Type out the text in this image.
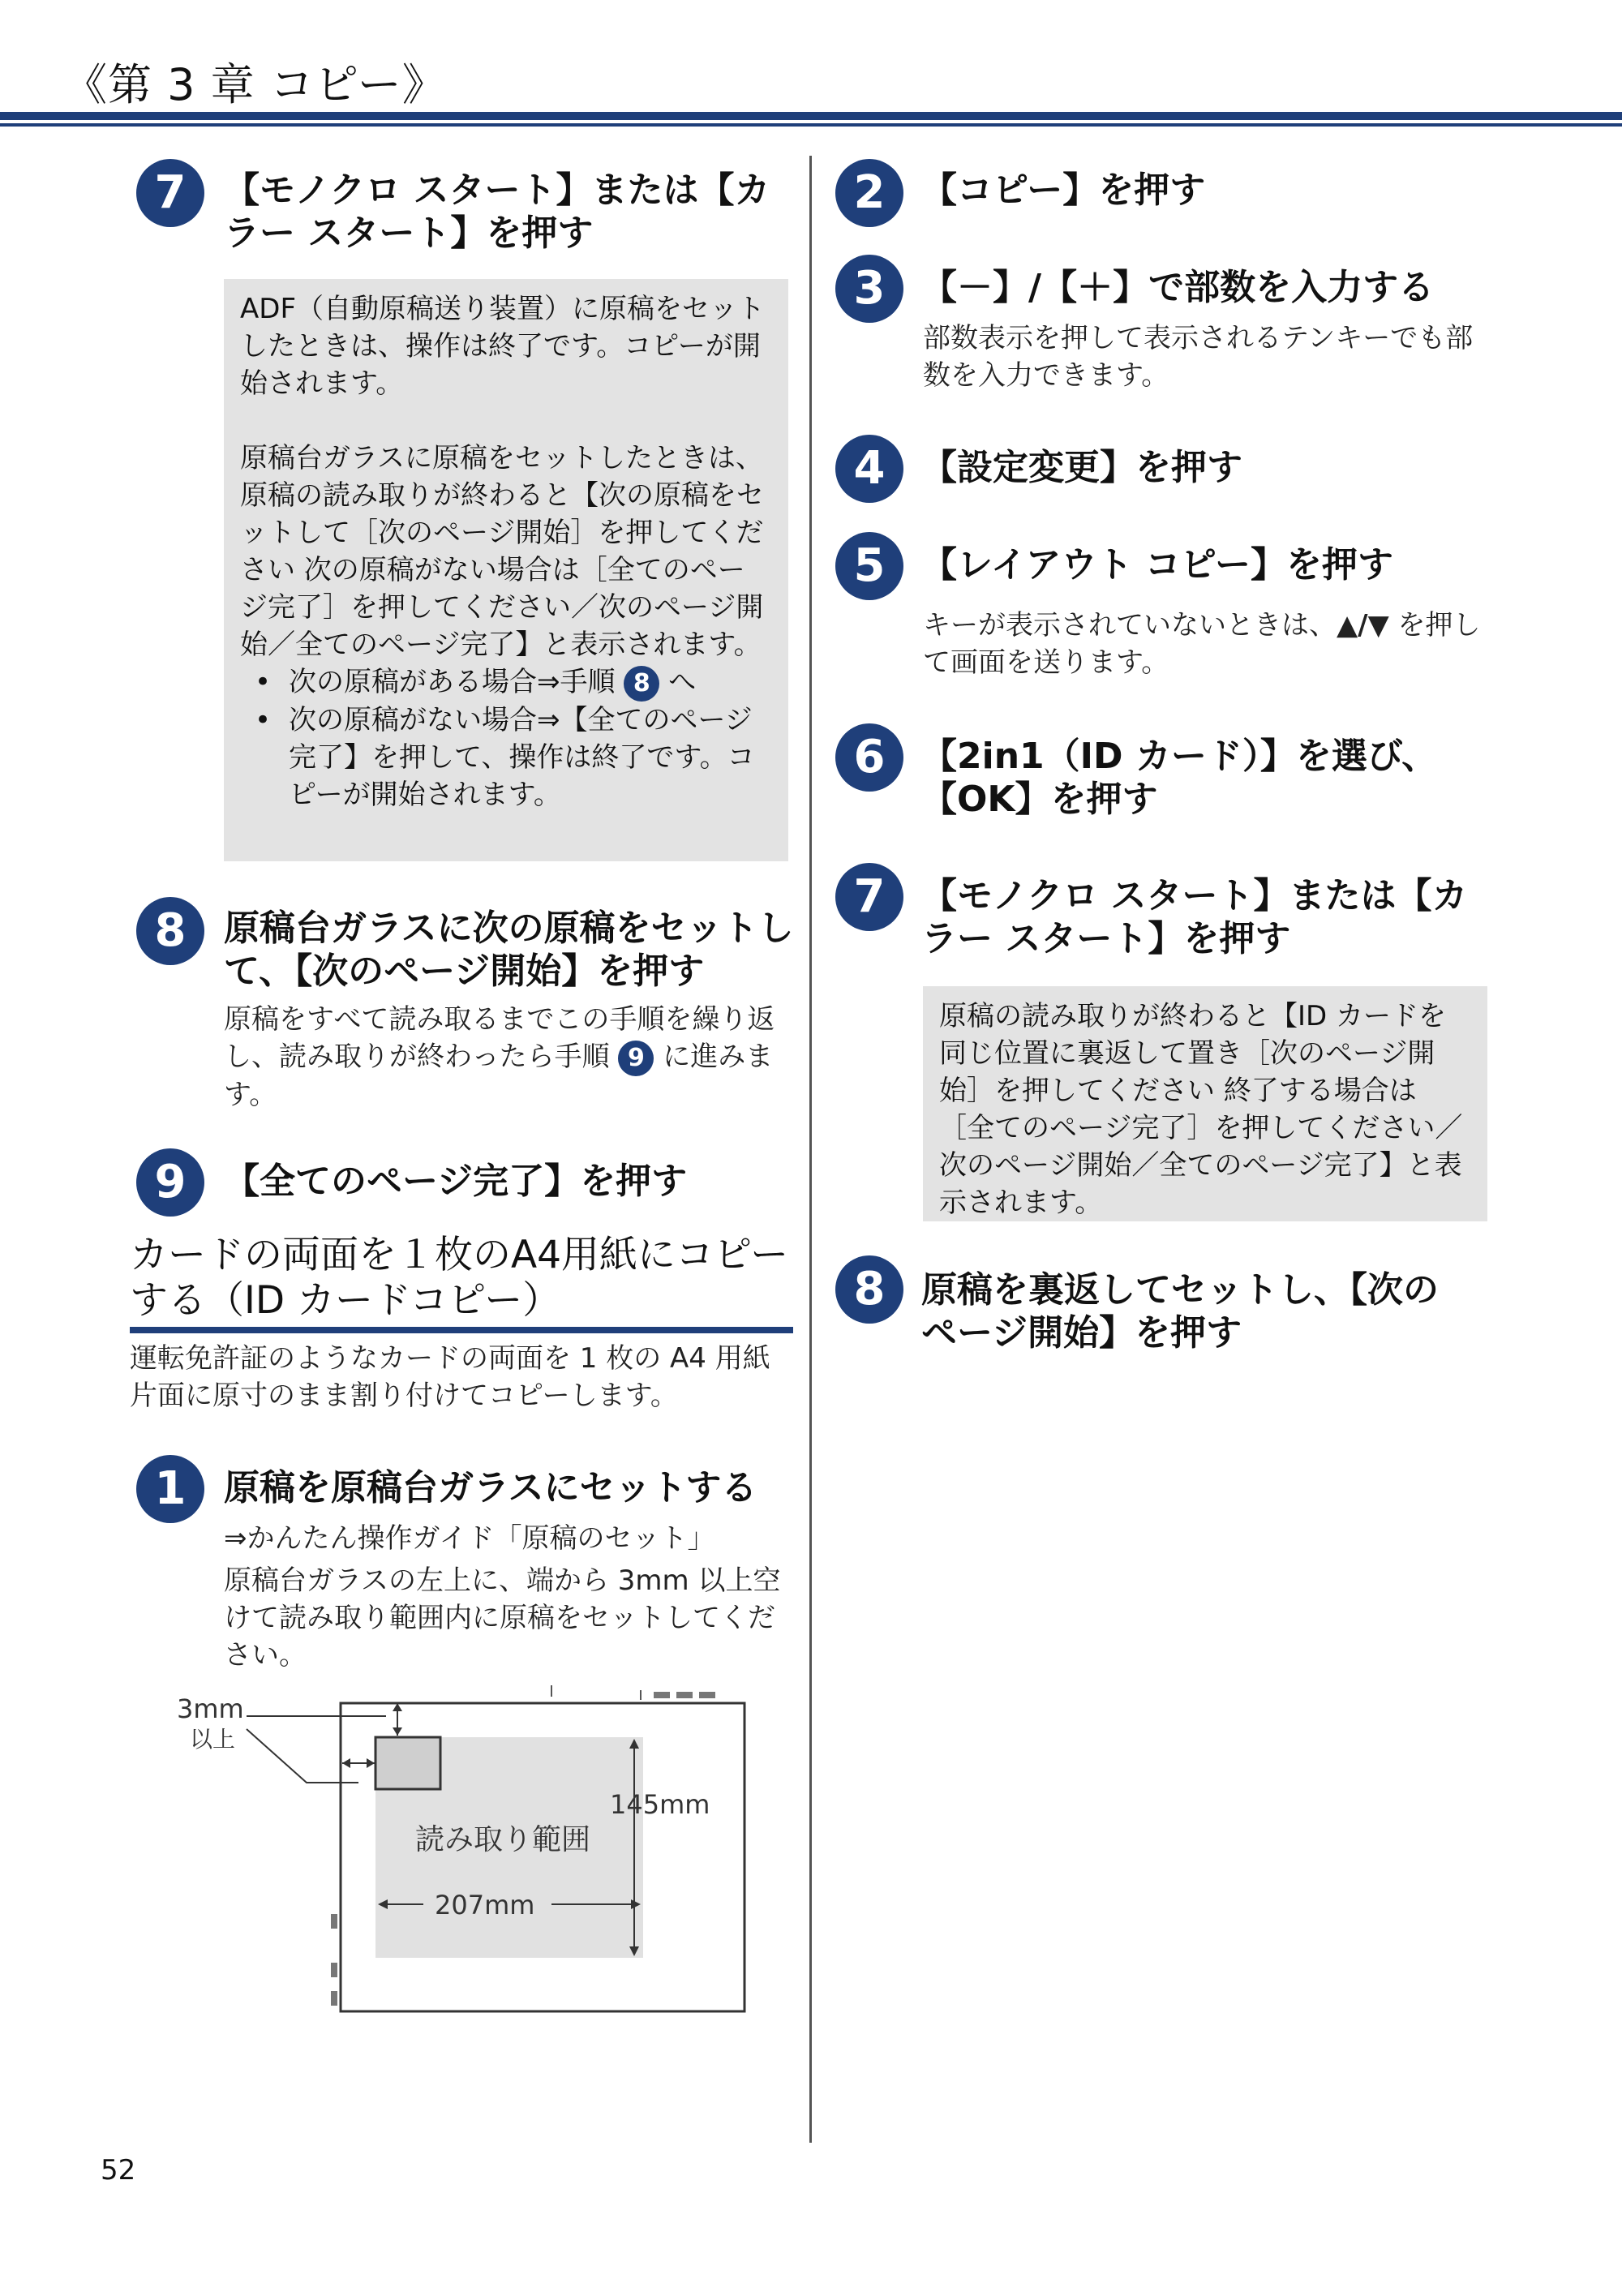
《第 3 章 コピー》
7	【モノクロ スタート】または【カ
ラー スタート】を押す

ADF（自動原稿送り装置）に原稿をセットしたときは、操作は終了です。コピーが開始されます。

原稿台ガラスに原稿をセットしたときは、原稿の読み取りが終わると【次の原稿をセットして［次のページ開始］を押してください 次の原稿がない場合は［全てのページ完了］を押してください／次のページ開始／全てのページ完了】と表示されます。

• 次の原稿がある場合⇒手順 8 へ
• 次の原稿がない場合⇒【全てのページ完了】を押して、操作は終了です。コピーが開始されます。
8	原稿台ガラスに次の原稿をセットし
て、【次のページ開始】を押す
原稿をすべて読み取るまでこの手順を繰り返し、読み取りが終わったら手順 9 に進みます。
9	【全てのページ完了】を押す
カードの両面を１枚のA4用紙にコピー
する（ID カードコピー）
運転免許証のようなカードの両面を 1 枚の A4 用紙片面に原寸のまま割り付けてコピーします。
1	原稿を原稿台ガラスにセットする
⇒かんたん操作ガイド「原稿のセット」
原稿台ガラスの左上に、端から 3mm 以上空けて読み取り範囲内に原稿をセットしてください。
3mm
以上
145mm
207mm
読み取り範囲
52
2	【コピー】を押す
3	【－】/【＋】で部数を入力する
部数表示を押して表示されるテンキーでも部数を入力できます。
4	【設定変更】を押す
5	【レイアウト コピー】を押す
キーが表示されていないときは、▲/▼ を押して画面を送ります。
6	【2in1（ID カード）】を選び、
【OK】を押す
7	【モノクロ スタート】または【カ
ラー スタート】を押す

原稿の読み取りが終わると【ID カードを同じ位置に裏返して置き［次のページ開始］を押してください 終了する場合は［全てのページ完了］を押してください／次のページ開始／全てのページ完了】と表示されます。

8	原稿を裏返してセットし、【次の
ページ開始】を押す
